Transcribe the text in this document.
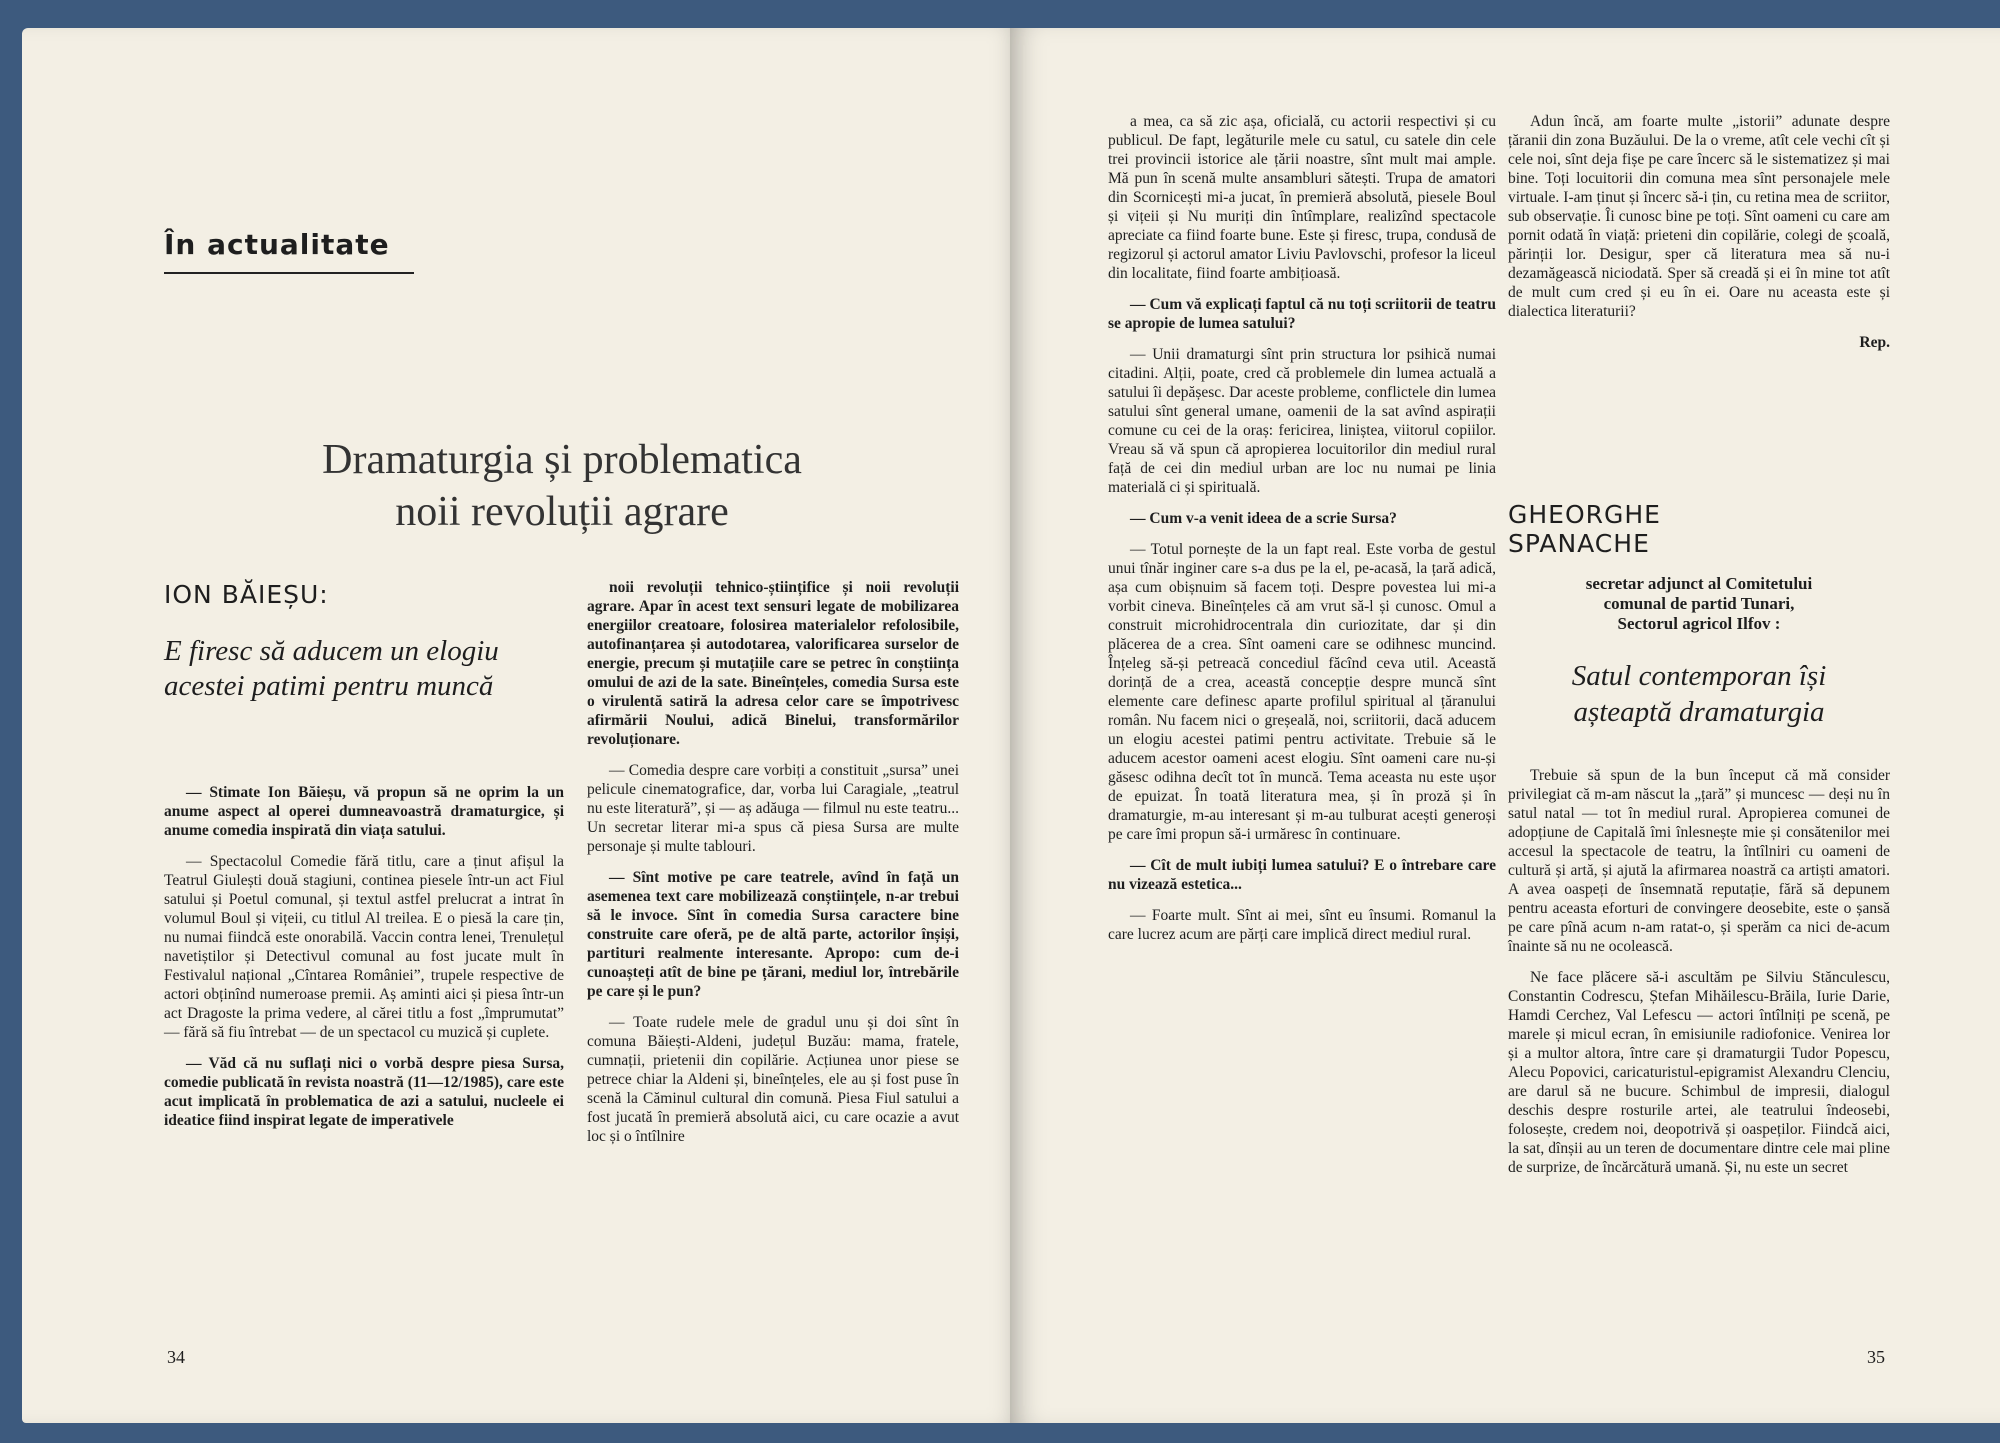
În actualitate
Dramaturgia și problematica
noii revoluții agrare
ION BĂIEȘU:
E firesc să aducem un elogiu acestei patimi pentru muncă

— Stimate Ion Băieșu, vă propun să ne oprim la un anume aspect al operei dumneavoastră dramaturgice, și anume comedia inspirată din viața satului.

— Spectacolul Comedie fără titlu, care a ținut afișul la Teatrul Giulești două stagiuni, continea piesele într-un act Fiul satului și Poetul comunal, și textul astfel prelucrat a intrat în volumul Boul și vițeii, cu titlul Al treilea. E o piesă la care țin, nu numai fiindcă este onorabilă. Vaccin contra lenei, Trenulețul navetiștilor și Detectivul comunal au fost jucate mult în Festivalul național „Cîntarea României”, trupele respective de actori obținînd numeroase premii. Aș aminti aici și piesa într-un act Dragoste la prima vedere, al cărei titlu a fost „împrumutat” — fără să fiu întrebat — de un spectacol cu muzică și cuplete.

— Văd că nu suflați nici o vorbă despre piesa Sursa, comedie publicată în revista noastră (11—12/1985), care este acut implicată în problematica de azi a satului, nucleele ei ideatice fiind inspirat legate de imperativele

noii revoluții tehnico-științifice și noii revoluții agrare. Apar în acest text sensuri legate de mobilizarea energiilor creatoare, folosirea materialelor refolosibile, autofinanțarea și autodotarea, valorificarea surselor de energie, precum și mutațiile care se petrec în conștiința omului de azi de la sate. Bineînțeles, comedia Sursa este o virulentă satiră la adresa celor care se împotrivesc afirmării Noului, adică Binelui, transformărilor revoluționare.

— Comedia despre care vorbiți a constituit „sursa” unei pelicule cinematografice, dar, vorba lui Caragiale, „teatrul nu este literatură”, și — aș adăuga — filmul nu este teatru... Un secretar literar mi-a spus că piesa Sursa are multe personaje și multe tablouri.

— Sînt motive pe care teatrele, avînd în față un asemenea text care mobilizează conștiințele, n-ar trebui să le invoce. Sînt în comedia Sursa caractere bine construite care oferă, pe de altă parte, actorilor înșiși, partituri realmente interesante. Apropo: cum de-i cunoașteți atît de bine pe țărani, mediul lor, întrebările pe care și le pun?

— Toate rudele mele de gradul unu și doi sînt în comuna Băiești-Aldeni, județul Buzău: mama, fratele, cumnații, prietenii din copilărie. Acțiunea unor piese se petrece chiar la Aldeni și, bineînțeles, ele au și fost puse în scenă la Căminul cultural din comună. Piesa Fiul satului a fost jucată în premieră absolută aici, cu care ocazie a avut loc și o întîlnire

34

a mea, ca să zic așa, oficială, cu actorii respectivi și cu publicul. De fapt, legăturile mele cu satul, cu satele din cele trei provincii istorice ale țării noastre, sînt mult mai ample. Mă pun în scenă multe ansambluri sătești. Trupa de amatori din Scornicești mi-a jucat, în premieră absolută, piesele Boul și vițeii și Nu muriți din întîmplare, realizînd spectacole apreciate ca fiind foarte bune. Este și firesc, trupa, condusă de regizorul și actorul amator Liviu Pavlovschi, profesor la liceul din localitate, fiind foarte ambițioasă.

— Cum vă explicați faptul că nu toți scriitorii de teatru se apropie de lumea satului?

— Unii dramaturgi sînt prin structura lor psihică numai citadini. Alții, poate, cred că problemele din lumea actuală a satului îi depășesc. Dar aceste probleme, conflictele din lumea satului sînt general umane, oamenii de la sat avînd aspirații comune cu cei de la oraș: fericirea, liniștea, viitorul copiilor. Vreau să vă spun că apropierea locuitorilor din mediul rural față de cei din mediul urban are loc nu numai pe linia materială ci și spirituală.

— Cum v-a venit ideea de a scrie Sursa?

— Totul pornește de la un fapt real. Este vorba de gestul unui tînăr inginer care s-a dus pe la el, pe-acasă, la țară adică, așa cum obișnuim să facem toți. Despre povestea lui mi-a vorbit cineva. Bineînțeles că am vrut să-l și cunosc. Omul a construit microhidrocentrala din curiozitate, dar și din plăcerea de a crea. Sînt oameni care se odihnesc muncind. Înțeleg să-și petreacă concediul făcînd ceva util. Această dorință de a crea, această concepție despre muncă sînt elemente care definesc aparte profilul spiritual al țăranului român. Nu facem nici o greșeală, noi, scriitorii, dacă aducem un elogiu acestei patimi pentru activitate. Trebuie să le aducem acestor oameni acest elogiu. Sînt oameni care nu-și găsesc odihna decît tot în muncă. Tema aceasta nu este ușor de epuizat. În toată literatura mea, și în proză și în dramaturgie, m-au interesant și m-au tulburat acești generoși pe care îmi propun să-i urmăresc în continuare.

— Cît de mult iubiți lumea satului? E o întrebare care nu vizează estetica...

— Foarte mult. Sînt ai mei, sînt eu însumi. Romanul la care lucrez acum are părți care implică direct mediul rural.

Adun încă, am foarte multe „istorii” adunate despre țăranii din zona Buzăului. De la o vreme, atît cele vechi cît și cele noi, sînt deja fișe pe care încerc să le sistematizez și mai bine. Toți locuitorii din comuna mea sînt personajele mele virtuale. I-am ținut și încerc să-i țin, cu retina mea de scriitor, sub observație. Îi cunosc bine pe toți. Sînt oameni cu care am pornit odată în viață: prieteni din copilărie, colegi de școală, părinții lor. Desigur, sper că literatura mea să nu-i dezamăgească niciodată. Sper să creadă și ei în mine tot atît de mult cum cred și eu în ei. Oare nu aceasta este și dialectica literaturii?

Rep.

GHEORGHE
SPANACHE
secretar adjunct al Comitetului
comunal de partid Tunari,
Sectorul agricol Ilfov :
Satul contemporan își
așteaptă dramaturgia

Trebuie să spun de la bun început că mă consider privilegiat că m-am născut la „țară” și muncesc — deși nu în satul natal — tot în mediul rural. Apropierea comunei de adopțiune de Capitală îmi înlesnește mie și consătenilor mei accesul la spectacole de teatru, la întîlniri cu oameni de cultură și artă, și ajută la afirmarea noastră ca artiști amatori. A avea oaspeți de însemnată reputație, fără să depunem pentru aceasta eforturi de convingere deosebite, este o șansă pe care pînă acum n-am ratat-o, și sperăm ca nici de-acum înainte să nu ne ocolească.

Ne face plăcere să-i ascultăm pe Silviu Stănculescu, Constantin Codrescu, Ștefan Mihăilescu-Brăila, Iurie Darie, Hamdi Cerchez, Val Lefescu — actori întîlniți pe scenă, pe marele și micul ecran, în emisiunile radiofonice. Venirea lor și a multor altora, între care și dramaturgii Tudor Popescu, Alecu Popovici, caricaturistul-epigramist Alexandru Clenciu, are darul să ne bucure. Schimbul de impresii, dialogul deschis despre rosturile artei, ale teatrului îndeosebi, folosește, credem noi, deopotrivă și oaspeților. Fiindcă aici, la sat, dînșii au un teren de documentare dintre cele mai pline de surprize, de încărcătură umană. Și, nu este un secret

35
